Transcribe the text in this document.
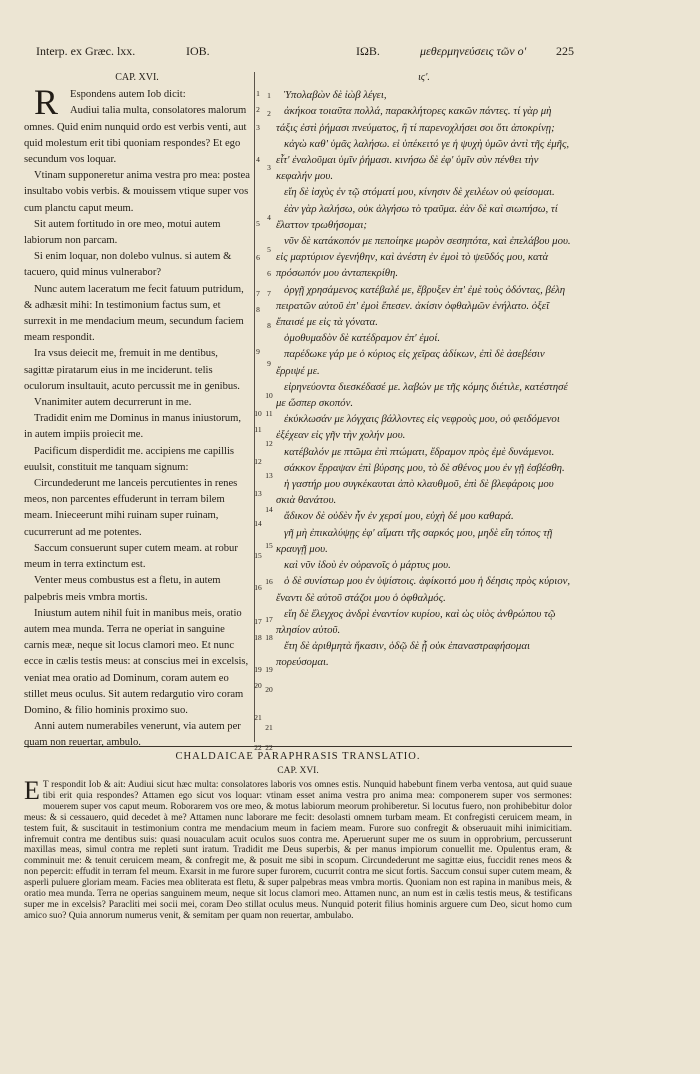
Interp. ex Græc. lxx.	IOB.	IΩB.	μεθερμηνεύσεις τῶν ο' 225
CAP. XVI.
R Espondens autem Iob dicit:
Audiui talia multa, consolatores malorum omnes. Quid enim nunquid ordo est verbis venti, aut quid molestum erit tibi quoniam respondes? Et ego secundum vos loquar.
Vtinam supponeretur anima vestra pro mea: postea insultabo vobis verbis. & mouissem vtique super vos cum planctu caput meum.
Sit autem fortitudo in ore meo, motui autem labiorum non parcam.
Si enim loquar, non dolebo vulnus. si autem & tacuero, quid minus vulnerabor?
Nunc autem laceratum me fecit fatuum putridum, & adhæsit mihi: In testimonium factus sum, et surrexit in me mendacium meum, secundum faciem meam respondit.
Ira vsus deiecit me, fremuit in me dentibus, sagittæ piratarum eius in me inciderunt. telis oculorum insultauit, acuto percussit me in genibus.
Vnanimiter autem decurrerunt in me.
Tradidit enim me Dominus in manus iniustorum, in autem impiis proiecit me.
Pacificum disperdidit me. accipiens me capillis euulsit, constituit me tanquam signum:
Circundederunt me lanceis percutientes in renes meos, non parcentes effuderunt in terram bilem meam. Inieceerunt mihi ruinam super ruinam, cucurrerunt ad me potentes.
Saccum consuerunt super cutem meam. at robur meum in terra extinctum est.
Venter meus combustus est a fletu, in autem palpebris meis vmbra mortis.
Iniustum autem nihil fuit in manibus meis, oratio autem mea munda. Terra ne operiat in sanguine carnis meæ, neque sit locus clamori meo. Et nunc ecce in cælis testis meus: at conscius mei in excelsis, veniat mea oratio ad Dominum, coram autem eo stillet meus oculus. Sit autem redargutio viro coram Domino, & filio hominis proximo suo.
Anni autem numerabiles venerunt, via autem per quam non reuertar, ambulo.
1
2
3
4
5
6
7
8
9
10
11
12
13
14
15
16
17
18
19
20
21
22
1
2
3
4
5
6
7
8
9
10
11
12
13
14
15
16
17
18
19
20
21
22
ιϛ'.
Ὑπολαβὼν δὲ ἰὼβ λέγει,
ἀκήκοα τοιαῦτα πολλά, παρακλήτορες κακῶν πάντες. τί γὰρ μὴ τάξις ἐστὶ ῥήμασι πνεύματος, ἢ τί παρενοχλήσει σοι ὅτι ἀποκρίνῃ;
κἀγὼ καθ' ὑμᾶς λαλήσω. εἰ ὑπέκειτό γε ἡ ψυχὴ ὑμῶν ἀντὶ τῆς ἐμῆς, εἶτ' ἐναλοῦμαι ὑμῖν ῥήμασι. κινήσω δὲ ἐφ' ὑμῖν σὺν πένθει τὴν κεφαλήν μου.
εἴη δὲ ἰσχὺς ἐν τῷ στόματί μου, κίνησιν δὲ χειλέων οὐ φείσομαι.
ἐὰν γὰρ λαλήσω, οὐκ ἀλγήσω τὸ τραῦμα. ἐὰν δὲ καὶ σιωπήσω, τί ἔλαττον τρωθήσομαι;
νῦν δὲ κατάκοπόν με πεποίηκε μωρὸν σεσηπότα, καὶ ἐπελάβου μου. εἰς μαρτύριον ἐγενήθην, καὶ ἀνέστη ἐν ἐμοὶ τὸ ψεῦδός μου, κατὰ πρόσωπόν μου ἀνταπεκρίθη.
ὀργῇ χρησάμενος κατέβαλέ με, ἔβρυξεν ἐπ' ἐμὲ τοὺς ὀδόντας, βέλη πειρατῶν αὐτοῦ ἐπ' ἐμοὶ ἔπεσεν. ἀκίσιν ὀφθαλμῶν ἐνήλατο. ὀξεῖ ἔπαισέ με εἰς τὰ γόνατα.
ὁμοθυμαδὸν δὲ κατέδραμον ἐπ' ἐμοί.
παρέδωκε γάρ με ὁ κύριος εἰς χεῖρας ἀδίκων, ἐπὶ δὲ ἀσεβέσιν ἔρριψέ με.
εἰρηνεύοντα διεσκέδασέ με. λαβών με τῆς κόμης διέτιλε, κατέστησέ με ὥσπερ σκοπόν.
ἐκύκλωσάν με λόγχαις βάλλοντες εἰς νεφροὺς μου, οὐ φειδόμενοι ἐξέχεαν εἰς γῆν τὴν χολήν μου.
κατέβαλόν με πτῶμα ἐπὶ πτώματι, ἔδραμον πρὸς ἐμὲ δυνάμενοι.
σάκκον ἔρραψαν ἐπὶ βύρσης μου, τὸ δὲ σθένος μου ἐν γῇ ἐσβέσθη.
ἡ γαστήρ μου συγκέκαυται ἀπὸ κλαυθμοῦ, ἐπὶ δὲ βλεφάροις μου σκιὰ θανάτου.
ἄδικον δὲ οὐδὲν ἦν ἐν χερσί μου, εὐχὴ δέ μου καθαρά.
γῆ μὴ ἐπικαλύψῃς ἐφ' αἵματι τῆς σαρκός μου, μηδὲ εἴη τόπος τῇ κραυγῇ μου.
καὶ νῦν ἰδοὺ ἐν οὐρανοῖς ὁ μάρτυς μου.
ὁ δὲ συνίστωρ μου ἐν ὑψίστοις. ἀφίκοιτό μου ἡ δέησις πρὸς κύριον, ἔναντι δὲ αὐτοῦ στάζοι μου ὁ ὀφθαλμός.
εἴη δὲ ἔλεγχος ἀνδρὶ ἐναντίον κυρίου, καὶ ὡς υἱὸς ἀνθρώπου τῷ πλησίον αὐτοῦ.
ἔτη δὲ ἀριθμητὰ ἥκασιν, ὁδῷ δὲ ᾗ οὐκ ἐπαναστραφήσομαι πορεύσομαι.
CHALDAICAE PARAPHRASIS TRANSLATIO.
CAP. XVI.
E T respondit Iob & ait: Audiui sicut hæc multa: consolatores laboris vos omnes estis. Nunquid habebunt finem verba ventosa, aut quid suaue tibi erit quia respondes? Attamen ego sicut vos loquar: vtinam esset anima vestra pro anima mea: componerem super vos sermones: mouerem super vos caput meum. Roborarem vos ore meo, & motus labiorum meorum prohiberetur. Si locutus fuero, non prohibebitur dolor meus: & si cessauero, quid decedet à me? Attamen nunc laborare me fecit: desolasti omnem turbam meam. Et confregisti ceruicem meam, in testem fuit, & suscitauit in testimonium contra me mendacium meum in faciem meam. Furore suo confregit & obseruauit mihi inimicitiam. infremuit contra me dentibus suis: quasi nouaculam acuit oculos suos contra me. Aperuerunt super me os suum in opprobrium, percusserunt maxillas meas, simul contra me repleti sunt iratum. Tradidit me Deus superbis, & per manus impiorum conuellit me. Opulentus eram, & comminuit me: & tenuit ceruicem meam, & confregit me, & posuit me sibi in scopum. Circundederunt me sagittæ eius, fuccidit renes meos & non pepercit: effudit in terram fel meum. Exarsit in me furore super furorem, cucurrit contra me sicut fortis. Saccum consui super cutem meam, & asperli puluere gloriam meam. Facies mea obliterata est fletu, & super palpebras meas vmbra mortis. Quoniam non est rapina in manibus meis, & oratio mea munda. Terra ne operias sanguinem meum, neque sit locus clamori meo. Attamen nunc, an num est in cælis testis meus, & testificans super me in excelsis? Paracliti mei socii mei, coram Deo stillat oculus meus. Nunquid poterit filius hominis arguere cum Deo, sicut homo cum amico suo? Quia annorum numerus venit, & semitam per quam non reuertar, ambulabo.
